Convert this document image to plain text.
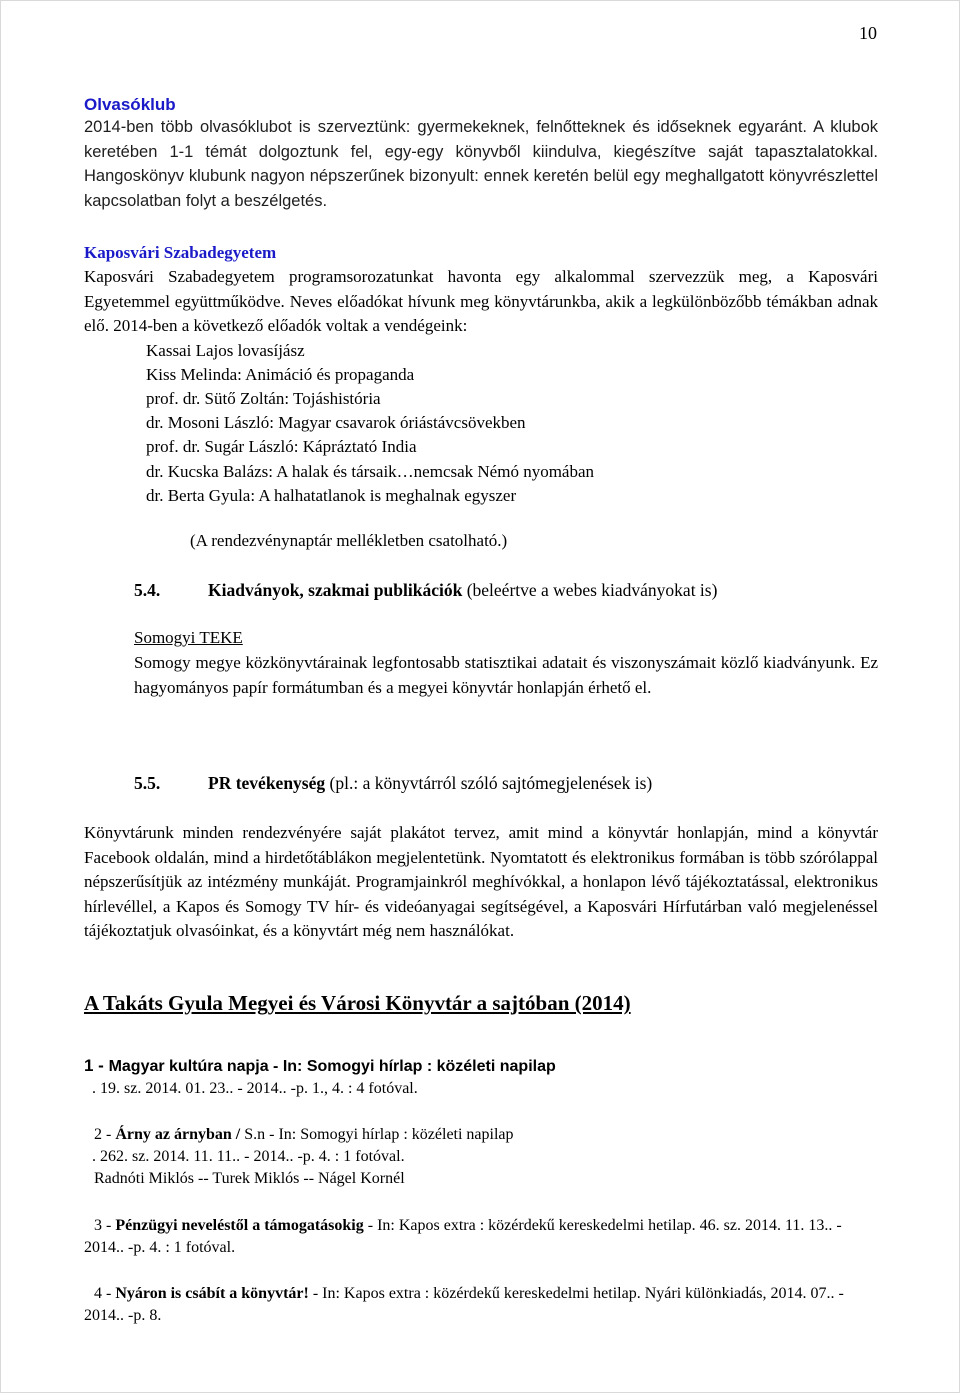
10
Olvasóklub
2014-ben több olvasóklubot is szerveztünk: gyermekeknek, felnőtteknek és időseknek egyaránt. A klubok keretében 1-1 témát dolgoztunk fel, egy-egy könyvből kiindulva, kiegészítve saját tapasztalatokkal. Hangoskönyv klubunk nagyon népszerűnek bizonyult: ennek keretén belül egy meghallgatott könyvrészlettel kapcsolatban folyt a beszélgetés.
Kaposvári Szabadegyetem
Kaposvári Szabadegyetem programsorozatunkat havonta egy alkalommal szervezzük meg, a Kaposvári Egyetemmel együttműködve. Neves előadókat hívunk meg könyvtárunkba, akik a legkülönbözőbb témákban adnak elő. 2014-ben a következő előadók voltak a vendégeink:
Kassai Lajos lovasíjász
Kiss Melinda: Animáció és propaganda
prof. dr. Sütő Zoltán: Tojáshistória
dr. Mosoni László: Magyar csavarok óriástávcsövekben
prof. dr. Sugár László: Kápráztató India
dr. Kucska Balázs: A halak és társaik…nemcsak Némó nyomában
dr. Berta Gyula: A halhatatlanok is meghalnak egyszer
(A rendezvénynaptár mellékletben csatolható.)
5.4.	Kiadványok, szakmai publikációk (beleértve a webes kiadványokat is)
Somogyi TEKE
Somogy megye közkönyvtárainak legfontosabb statisztikai adatait és viszonyszámait közlő kiadványunk. Ez hagyományos papír formátumban és a megyei könyvtár honlapján érhető el.
5.5.	PR tevékenység (pl.: a könyvtárról szóló sajtómegjelenések is)
Könyvtárunk minden rendezvényére saját plakátot tervez, amit mind a könyvtár honlapján, mind a könyvtár Facebook oldalán, mind a hirdetőtáblákon megjelentetünk. Nyomtatott és elektronikus formában is több szórólappal népszerűsítjük az intézmény munkáját. Programjainkról meghívókkal, a honlapon lévő tájékoztatással, elektronikus hírlevéllel, a Kapos és Somogy TV hír- és videóanyagai segítségével, a Kaposvári Hírfutárban való megjelenéssel tájékoztatjuk olvasóinkat, és a könyvtárt még nem használókat.
A Takáts Gyula Megyei és Városi Könyvtár a sajtóban (2014)
1 - Magyar kultúra napja - In: Somogyi hírlap : közéleti napilap
. 19. sz. 2014. 01. 23.. - 2014.. -p. 1., 4. : 4 fotóval.
2 - Árny az árnyban / S.n - In: Somogyi hírlap : közéleti napilap
. 262. sz. 2014. 11. 11.. - 2014.. -p. 4. : 1 fotóval.
Radnóti Miklós -- Turek Miklós -- Nágel Kornél
3 - Pénzügyi neveléstől a támogatásokig - In: Kapos extra : közérdekű kereskedelmi hetilap. 46. sz. 2014. 11. 13.. - 2014.. -p. 4. : 1 fotóval.
4 - Nyáron is csábít a könyvtár! - In: Kapos extra : közérdekű kereskedelmi hetilap. Nyári különkiadás, 2014. 07.. - 2014.. -p. 8.
